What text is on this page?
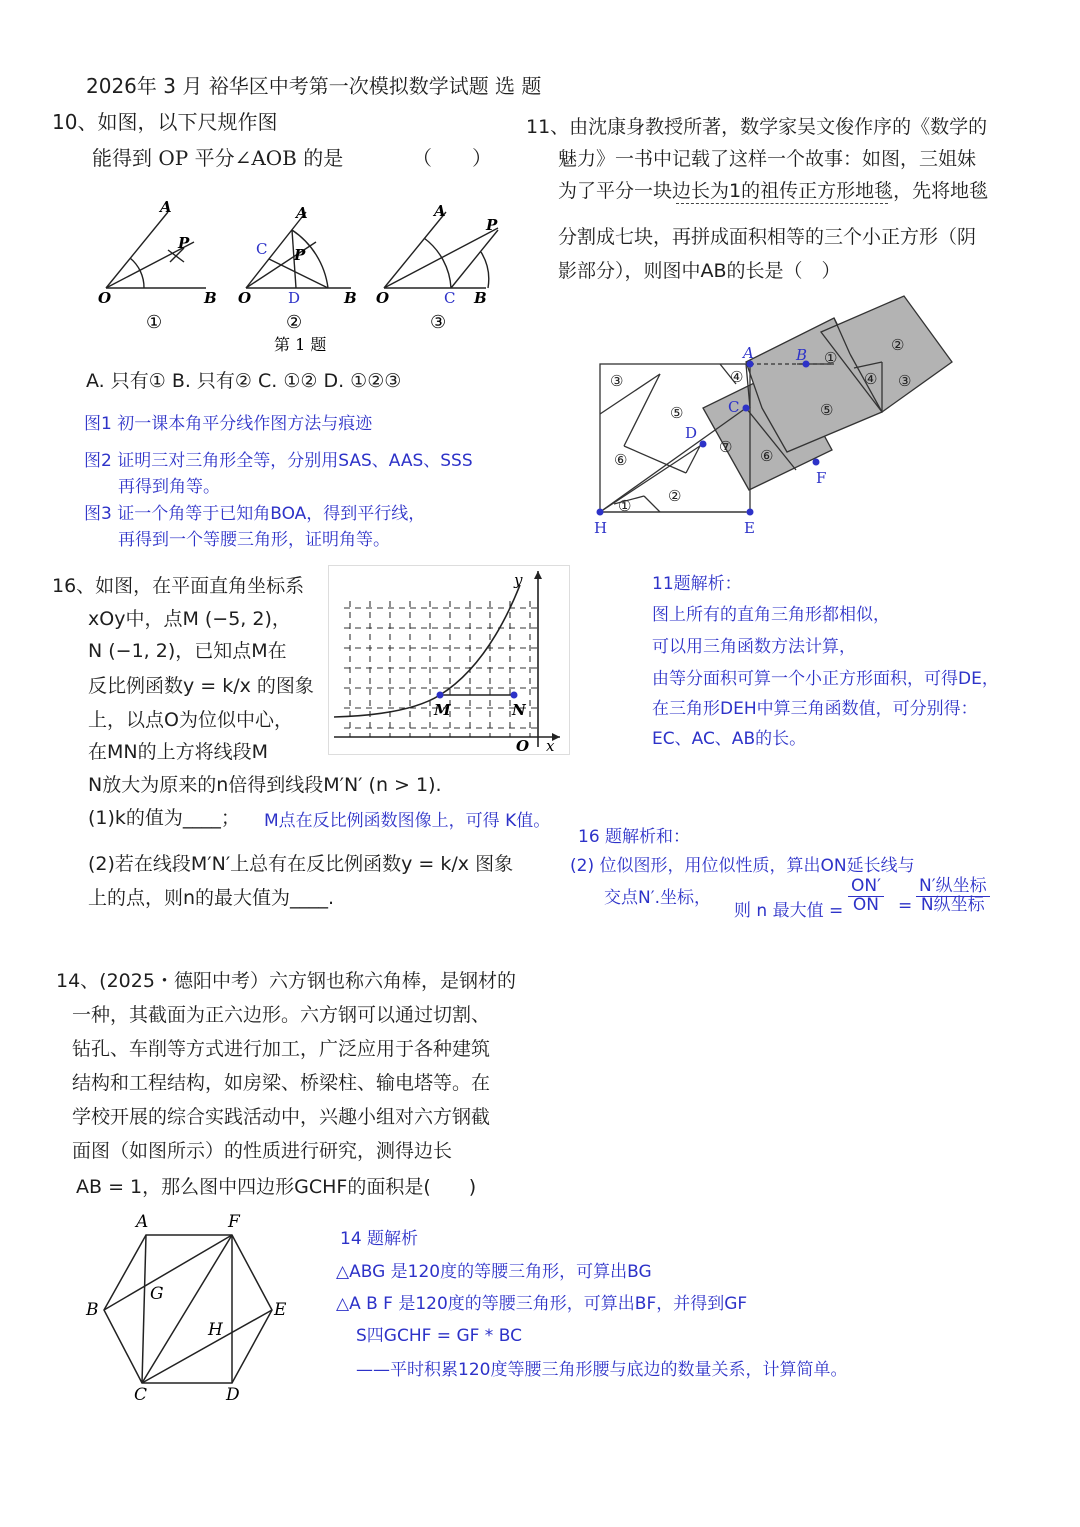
2026年 3 月 裕华区中考第一次模拟数学试题 选 题
10、如图，以下尺规作图
能得到 OP 平分∠AOB 的是	（　　）
O	B
A
P
①
C
D
O	B
A
P
②
C
O	B
A
P
③
第 1 题
A. 只有① B. 只有② C. ①② D. ①②③
图1 初一课本角平分线作图方法与痕迹
图2 证明三对三角形全等，分别用SAS、AAS、SSS
再得到角等。
图3 证一个角等于已知角BOA，得到平行线，
再得到一个等腰三角形，证明角等。
11、由沈康身教授所著，数学家吴文俊作序的《数学的
魅力》一书中记载了这样一个故事：如图，三姐妹
为了平分一块边长为1的祖传正方形地毯，先将地毯
分割成七块，再拼成面积相等的三个小正方形（阴
影部分），则图中AB的长是（　）
A	B
C
D
H	E
F
③	④
①
②
④ ③
⑤	⑤
⑥	⑥
⑦
②
①
11题解析：
图上所有的直角三角形都相似，
可以用三角函数方法计算，
由等分面积可算一个小正方形面积，可得DE，
在三角形DEH中算三角函数值，可分别得：
EC、AC、AB的长。
16、如图，在平面直角坐标系
xOy中，点M (−5, 2)，
N (−1, 2)，已知点M在
反比例函数y = k/x 的图象
上，以点O为位似中心，
在MN的上方将线段M
N放大为原来的n倍得到线段M′N′ (n > 1).
M	N
O x
y
(1)k的值为____； M点在反比例函数图像上，可得 K值。
(2)若在线段M′N′上总有在反比例函数y = k/x 图象
上的点，则n的最大值为____.
16 题解析和：
(2) 位似图形，用位似性质，算出ON延长线与
交点N′.坐标，
则 n 最大值 = $\frac{ON'}{ON}$ =
N′纵坐标
N纵坐标
14、(2025・德阳中考）六方钢也称六角棒，是钢材的
一种，其截面为正六边形。六方钢可以通过切割、
钻孔、车削等方式进行加工，广泛应用于各种建筑
结构和工程结构，如房梁、桥梁柱、输电塔等。在
学校开展的综合实践活动中，兴趣小组对六方钢截
面图（如图所示）的性质进行研究，测得边长
AB = 1，那么图中四边形GCHF的面积是(　　)
A	F
B	E
C	D
G
H
14 题解析
△ABG 是120度的等腰三角形，可算出BG
△A B F 是120度的等腰三角形，可算出BF，并得到GF
S四GCHF = GF * BC
——平时积累120度等腰三角形腰与底边的数量关系，计算简单。
